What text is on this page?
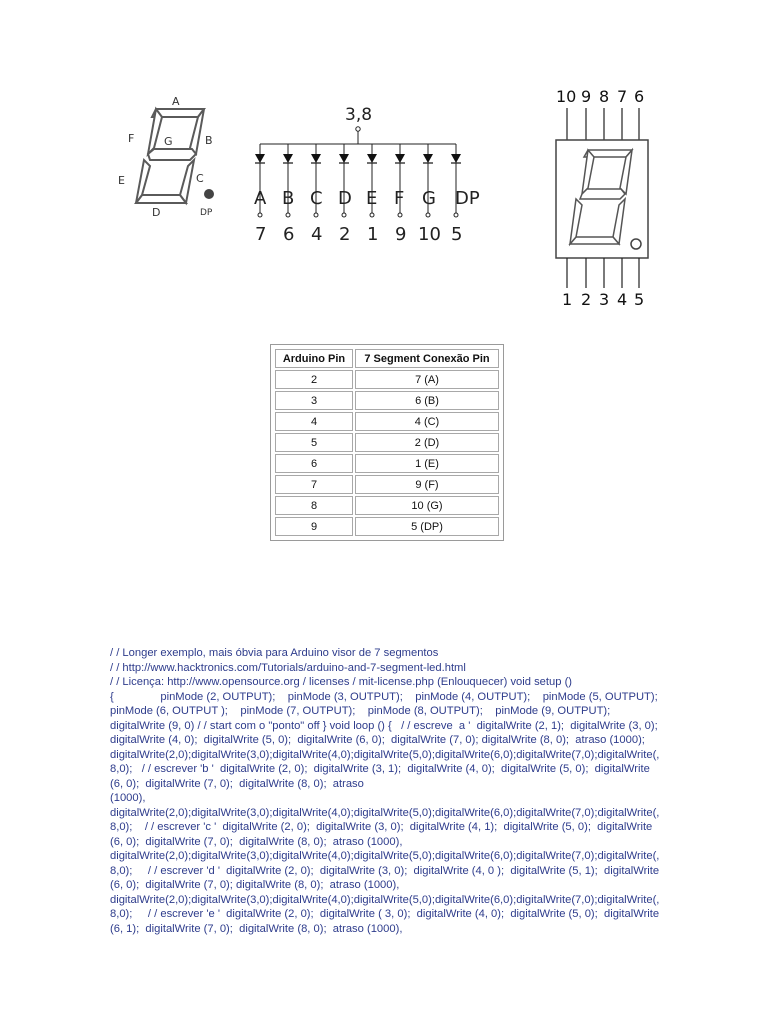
A
B
C
D
E
F	G
DP
3,8
A
7
B
6
C
4
D
2
E
1
F
9
G
10
DP
5
10 9 8 7 6
1 2 3 4 5
Arduino Pin	7 Segment Conexão Pin
2	7 (A)
3	6 (B)
4	4 (C)
5	2 (D)
6	1 (E)
7	9 (F)
8	10 (G)
9	5 (DP)
/ / Longer exemplo, mais óbvia para Arduino visor de 7 segmentos
/ / http://www.hacktronics.com/Tutorials/arduino-and-7-segment-led.html
/ / Licença: http://www.opensource.org / licenses / mit-license.php (Enlouquecer) void setup ()
{               pinMode (2, OUTPUT);    pinMode (3, OUTPUT);    pinMode (4, OUTPUT);    pinMode (5, OUTPUT);    pinMode (6, OUTPUT );    pinMode (7, OUTPUT);    pinMode (8, OUTPUT);    pinMode (9, OUTPUT);    digitalWrite (9, 0) / / start com o "ponto" off } void loop () {   / / escreve  a '  digitalWrite (2, 1);  digitalWrite (3, 0);  digitalWrite (4, 0);  digitalWrite (5, 0);  digitalWrite (6, 0);  digitalWrite (7, 0); digitalWrite (8, 0);  atraso (1000);
digitalWrite(2,0);digitalWrite(3,0);digitalWrite(4,0);digitalWrite(5,0);digitalWrite(6,0);digitalWrite(7,0);digitalWrite(,8,0);   / / escrever 'b '  digitalWrite (2, 0);  digitalWrite (3, 1);  digitalWrite (4, 0);  digitalWrite (5, 0);  digitalWrite (6, 0);  digitalWrite (7, 0);  digitalWrite (8, 0);  atraso
(1000), digitalWrite(2,0);digitalWrite(3,0);digitalWrite(4,0);digitalWrite(5,0);digitalWrite(6,0);digitalWrite(7,0);digitalWrite(,8,0);    / / escrever 'c '  digitalWrite (2, 0);  digitalWrite (3, 0);  digitalWrite (4, 1);  digitalWrite (5, 0);  digitalWrite (6, 0);  digitalWrite (7, 0);  digitalWrite (8, 0);  atraso (1000),
digitalWrite(2,0);digitalWrite(3,0);digitalWrite(4,0);digitalWrite(5,0);digitalWrite(6,0);digitalWrite(7,0);digitalWrite(,8,0);     / / escrever 'd '  digitalWrite (2, 0);  digitalWrite (3, 0);  digitalWrite (4, 0 );  digitalWrite (5, 1);  digitalWrite (6, 0);  digitalWrite (7, 0); digitalWrite (8, 0);  atraso (1000),
digitalWrite(2,0);digitalWrite(3,0);digitalWrite(4,0);digitalWrite(5,0);digitalWrite(6,0);digitalWrite(7,0);digitalWrite(,8,0);     / / escrever 'e '  digitalWrite (2, 0);  digitalWrite ( 3, 0);  digitalWrite (4, 0);  digitalWrite (5, 0);  digitalWrite (6, 1);  digitalWrite (7, 0);  digitalWrite (8, 0);  atraso (1000),
